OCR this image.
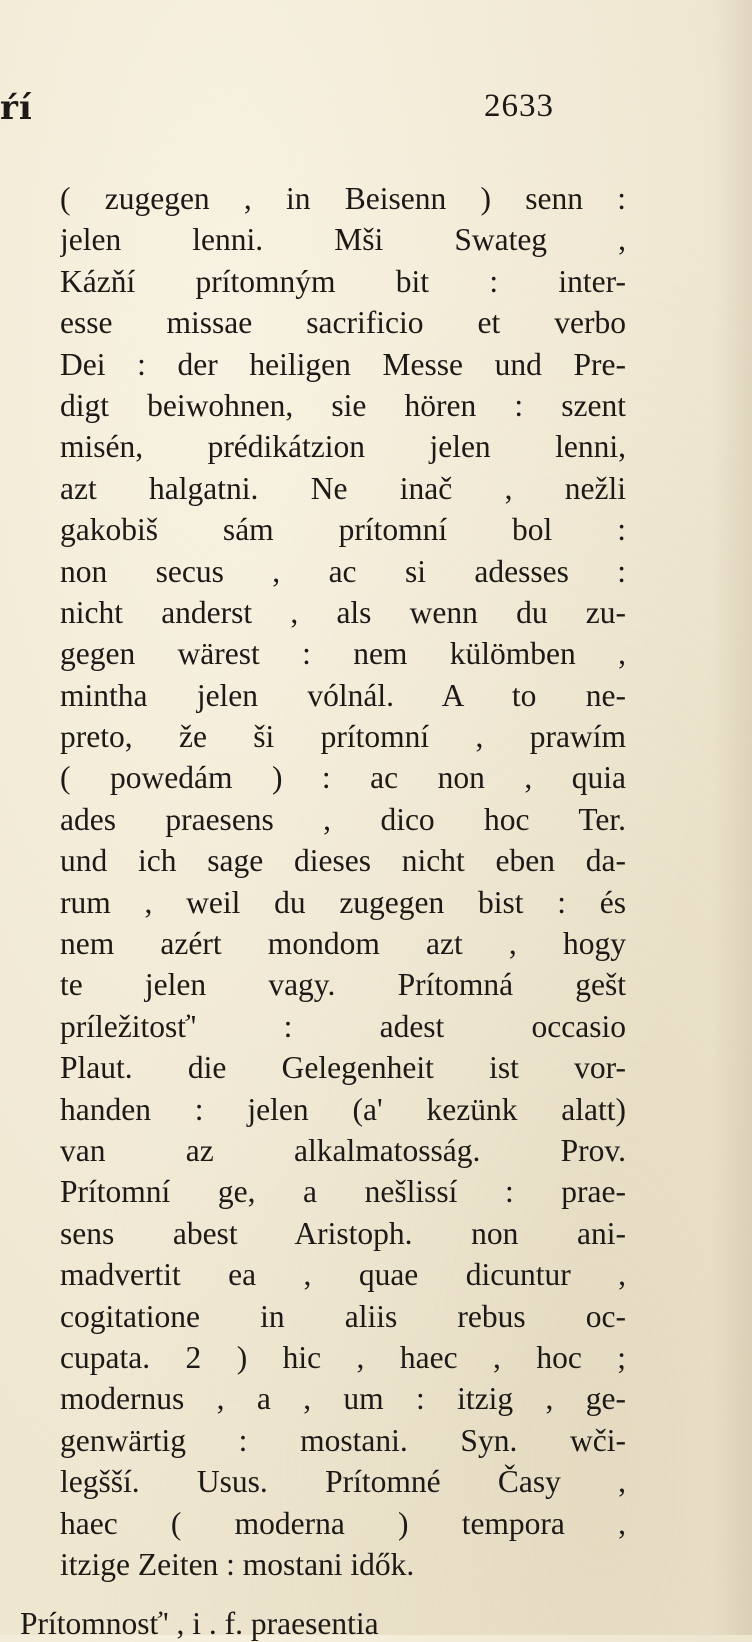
ŕí	2633
( zugegen , in Beisenn ) senn :
jelen lenni. Mši Swateg ,
Kázňí prítomným bit : inter-
esse missae sacrificio et verbo
Dei : der heiligen Messe und Pre-
digt beiwohnen, sie hören : szent
misén, prédikátzion jelen lenni,
azt halgatni. Ne inač , nežli
gakobiš sám prítomní bol :
non secus , ac si adesses :
nicht anderst , als wenn du zu-
gegen wärest : nem külömben ,
mintha jelen vólnál. A to ne-
preto, že ši prítomní , prawím
( powedám ) : ac non , quia
ades praesens , dico hoc Ter.
und ich sage dieses nicht eben da-
rum , weil du zugegen bist : és
nem azért mondom azt , hogy
te jelen vagy. Prítomná gešt
príležitosť' : adest occasio
Plaut. die Gelegenheit ist vor-
handen : jelen (a' kezünk alatt)
van az alkalmatosság. Prov.
Prítomní ge, a nešlissí : prae-
sens abest Aristoph. non ani-
madvertit ea , quae dicuntur ,
cogitatione in aliis rebus oc-
cupata. 2 ) hic , haec , hoc ;
modernus , a , um : itzig , ge-
genwärtig : mostani. Syn. wči-
legšší. Usus. Prítomné Časy ,
haec ( moderna ) tempora ,
itzige Zeiten : mostani idők.
Prítomnosť' , i . f. praesentia
